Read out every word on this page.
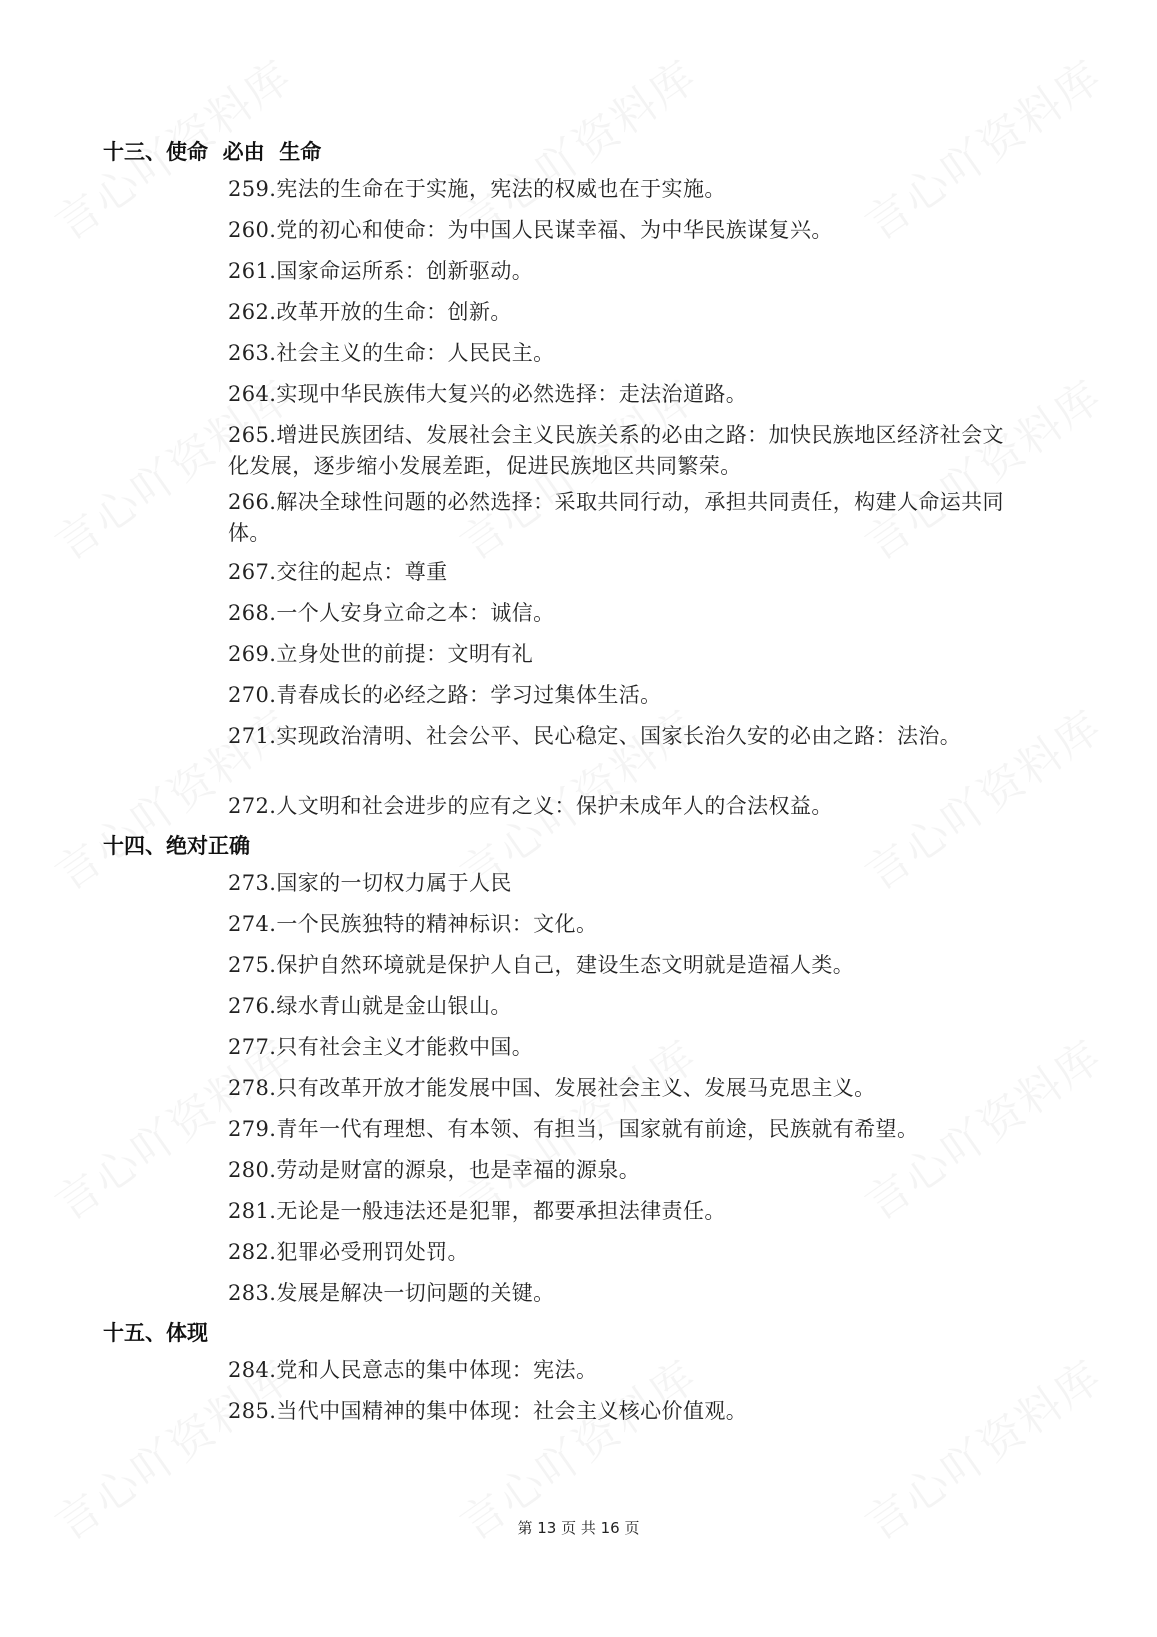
十三、使命  必由  生命
259.宪法的生命在于实施，宪法的权威也在于实施。
260.党的初心和使命：为中国人民谋幸福、为中华民族谋复兴。
261.国家命运所系：创新驱动。
262.改革开放的生命：创新。
263.社会主义的生命：人民民主。
264.实现中华民族伟大复兴的必然选择：走法治道路。
265.增进民族团结、发展社会主义民族关系的必由之路：加快民族地区经济社会文化发展，逐步缩小发展差距，促进民族地区共同繁荣。
266.解决全球性问题的必然选择：采取共同行动，承担共同责任，构建人命运共同体。
267.交往的起点：尊重
268.一个人安身立命之本：诚信。
269.立身处世的前提：文明有礼
270.青春成长的必经之路：学习过集体生活。
271.实现政治清明、社会公平、民心稳定、国家长治久安的必由之路：法治。
272.人文明和社会进步的应有之义：保护未成年人的合法权益。
十四、绝对正确
273.国家的一切权力属于人民
274.一个民族独特的精神标识：文化。
275.保护自然环境就是保护人自己，建设生态文明就是造福人类。
276.绿水青山就是金山银山。
277.只有社会主义才能救中国。
278.只有改革开放才能发展中国、发展社会主义、发展马克思主义。
279.青年一代有理想、有本领、有担当，国家就有前途，民族就有希望。
280.劳动是财富的源泉，也是幸福的源泉。
281.无论是一般违法还是犯罪，都要承担法律责任。
282.犯罪必受刑罚处罚。
283.发展是解决一切问题的关键。
十五、体现
284.党和人民意志的集中体现：宪法。
285.当代中国精神的集中体现：社会主义核心价值观。
第 13 页 共 16 页
